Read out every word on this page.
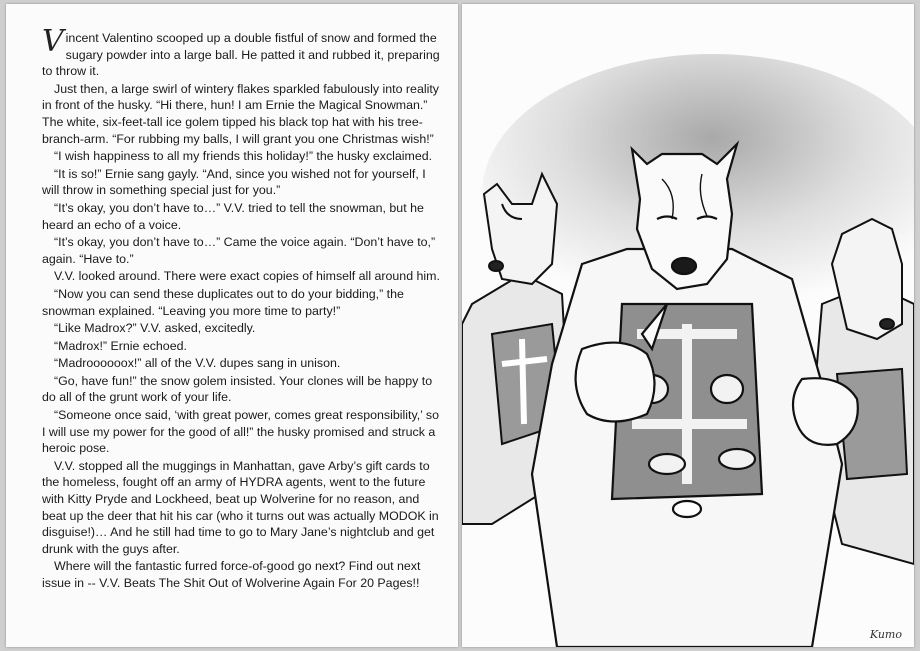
Vincent Valentino scooped up a double fistful of snow and formed the sugary powder into a large ball. He patted it and rubbed it, preparing to throw it.

Just then, a large swirl of wintery flakes sparkled fabulously into reality in front of the husky. “Hi there, hun! I am Ernie the Magical Snowman.” The white, six-feet-tall ice golem tipped his black top hat with his tree-branch-arm. “For rubbing my balls, I will grant you one Christmas wish!”

“I wish happiness to all my friends this holiday!” the husky exclaimed.

“It is so!” Ernie sang gayly. “And, since you wished not for yourself, I will throw in something special just for you.”

“It’s okay, you don’t have to…” V.V. tried to tell the snowman, but he heard an echo of a voice.

“It’s okay, you don’t have to…” Came the voice again. “Don’t have to,” again. “Have to.”

V.V. looked around. There were exact copies of himself all around him.

“Now you can send these duplicates out to do your bidding,” the snowman explained. “Leaving you more time to party!”

“Like Madrox?” V.V. asked, excitedly.

“Madrox!” Ernie echoed.

“Madroooooox!” all of the V.V. dupes sang in unison.

“Go, have fun!” the snow golem insisted. Your clones will be happy to do all of the grunt work of your life.

“Someone once said, ‘with great power, comes great responsibility,’ so I will use my power for the good of all!” the husky promised and struck a heroic pose.

V.V. stopped all the muggings in Manhattan, gave Arby’s gift cards to the homeless, fought off an army of HYDRA agents, went to the future with Kitty Pryde and Lockheed, beat up Wolverine for no reason, and beat up the deer that hit his car (who it turns out was actually MODOK in disguise!)… And he still had time to go to Mary Jane’s nightclub and get drunk with the guys after.

Where will the fantastic furred force-of-good go next? Find out next issue in -- V.V. Beats The Shit Out of Wolverine Again For 20 Pages!!

Kumo
